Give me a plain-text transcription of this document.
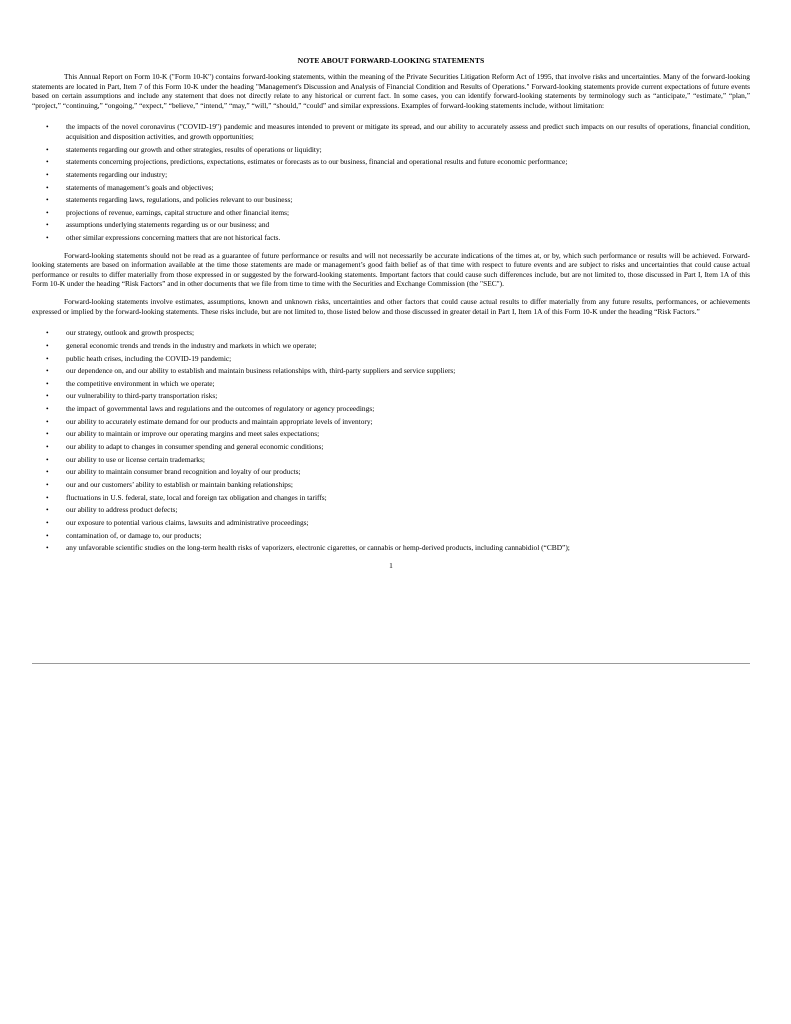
NOTE ABOUT FORWARD-LOOKING STATEMENTS

This Annual Report on Form 10-K ("Form 10-K") contains forward-looking statements, within the meaning of the Private Securities Litigation Reform Act of 1995, that involve risks and uncertainties. Many of the forward-looking statements are located in Part, Item 7 of this Form 10-K under the heading "Management's Discussion and Analysis of Financial Condition and Results of Operations." Forward-looking statements provide current expectations of future events based on certain assumptions and include any statement that does not directly relate to any historical or current fact. In some cases, you can identify forward-looking statements by terminology such as “anticipate,” “estimate,” “plan,” “project,” “continuing,” “ongoing,” “expect,” “believe,” “intend,” “may,” “will,” “should,” “could” and similar expressions. Examples of forward-looking statements include, without limitation:

• the impacts of the novel coronavirus ("COVID-19") pandemic and measures intended to prevent or mitigate its spread, and our ability to accurately assess and predict such impacts on our results of operations, financial condition, acquisition and disposition activities, and growth opportunities;
• statements regarding our growth and other strategies, results of operations or liquidity;
• statements concerning projections, predictions, expectations, estimates or forecasts as to our business, financial and operational results and future economic performance;
• statements regarding our industry;
• statements of management’s goals and objectives;
• statements regarding laws, regulations, and policies relevant to our business;
• projections of revenue, earnings, capital structure and other financial items;
• assumptions underlying statements regarding us or our business; and
• other similar expressions concerning matters that are not historical facts.

Forward-looking statements should not be read as a guarantee of future performance or results and will not necessarily be accurate indications of the times at, or by, which such performance or results will be achieved. Forward-looking statements are based on information available at the time those statements are made or management’s good faith belief as of that time with respect to future events and are subject to risks and uncertainties that could cause actual performance or results to differ materially from those expressed in or suggested by the forward-looking statements. Important factors that could cause such differences include, but are not limited to, those discussed in Part I, Item 1A of this Form 10-K under the heading “Risk Factors” and in other documents that we file from time to time with the Securities and Exchange Commission (the "SEC").

Forward-looking statements involve estimates, assumptions, known and unknown risks, uncertainties and other factors that could cause actual results to differ materially from any future results, performances, or achievements expressed or implied by the forward-looking statements. These risks include, but are not limited to, those listed below and those discussed in greater detail in Part I, Item 1A of this Form 10-K under the heading “Risk Factors.”

• our strategy, outlook and growth prospects;
• general economic trends and trends in the industry and markets in which we operate;
• public heath crises, including the COVID-19 pandemic;
• our dependence on, and our ability to establish and maintain business relationships with, third-party suppliers and service suppliers;
• the competitive environment in which we operate;
• our vulnerability to third-party transportation risks;
• the impact of governmental laws and regulations and the outcomes of regulatory or agency proceedings;
• our ability to accurately estimate demand for our products and maintain appropriate levels of inventory;
• our ability to maintain or improve our operating margins and meet sales expectations;
• our ability to adapt to changes in consumer spending and general economic conditions;
• our ability to use or license certain trademarks;
• our ability to maintain consumer brand recognition and loyalty of our products;
• our and our customers’ ability to establish or maintain banking relationships;
• fluctuations in U.S. federal, state, local and foreign tax obligation and changes in tariffs;
• our ability to address product defects;
• our exposure to potential various claims, lawsuits and administrative proceedings;
• contamination of, or damage to, our products;
• any unfavorable scientific studies on the long-term health risks of vaporizers, electronic cigarettes, or cannabis or hemp-derived products, including cannabidiol (“CBD”);
1
